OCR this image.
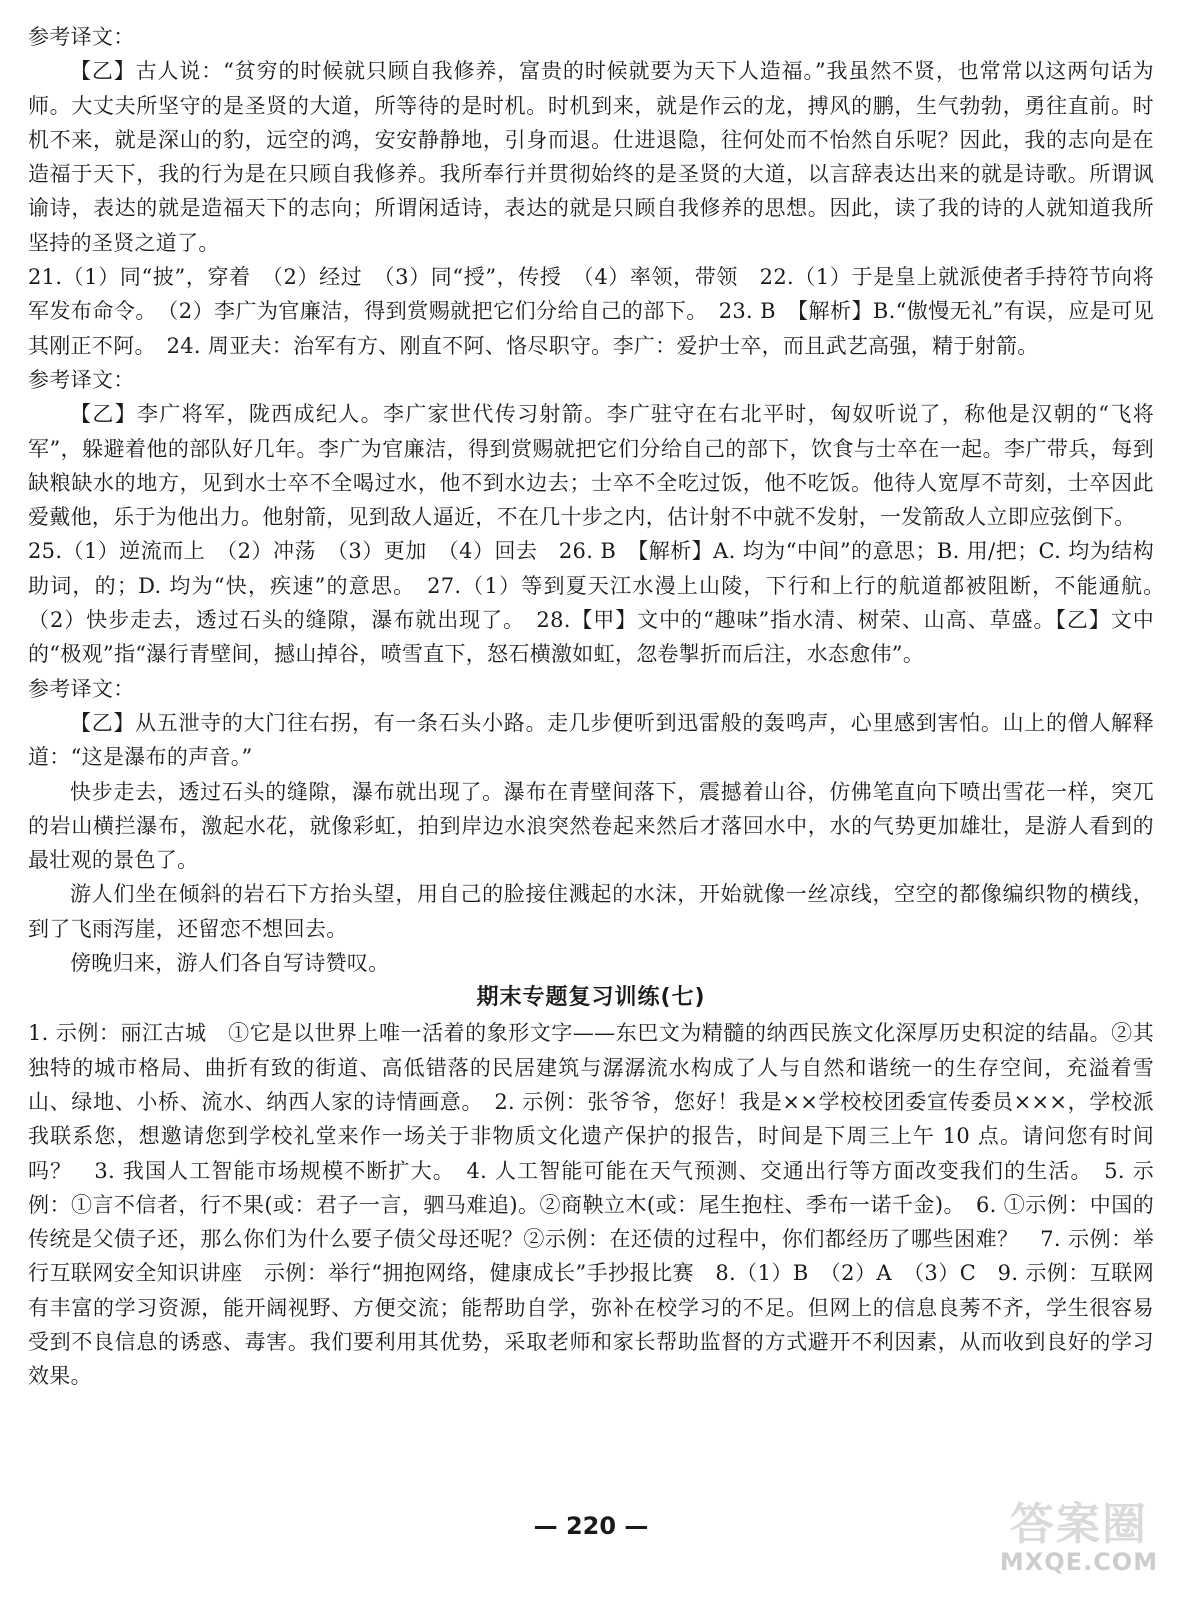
参考译文：
【乙】古人说：“贫穷的时候就只顾自我修养，富贵的时候就要为天下人造福。”我虽然不贤，也常常以这两句话为师。大丈夫所坚守的是圣贤的大道，所等待的是时机。时机到来，就是作云的龙，搏风的鹏，生气勃勃，勇往直前。时机不来，就是深山的豹，远空的鸿，安安静静地，引身而退。仕进退隐，往何处而不怡然自乐呢？因此，我的志向是在造福于天下，我的行为是在只顾自我修养。我所奉行并贯彻始终的是圣贤的大道，以言辞表达出来的就是诗歌。所谓讽谕诗，表达的就是造福天下的志向；所谓闲适诗，表达的就是只顾自我修养的思想。因此，读了我的诗的人就知道我所坚持的圣贤之道了。
21.（1）同“披”，穿着　（2）经过　（3）同“授”，传授　（4）率领，带领　22.（1）于是皇上就派使者手持符节向将军发布命令。　（2）李广为官廉洁，得到赏赐就把它们分给自己的部下。　23. B　【解析】B.“傲慢无礼”有误，应是可见其刚正不阿。　24. 周亚夫：治军有方、刚直不阿、恪尽职守。李广：爱护士卒，而且武艺高强，精于射箭。
参考译文：
【乙】李广将军，陇西成纪人。李广家世代传习射箭。李广驻守在右北平时，匈奴听说了，称他是汉朝的“飞将军”，躲避着他的部队好几年。李广为官廉洁，得到赏赐就把它们分给自己的部下，饮食与士卒在一起。李广带兵，每到缺粮缺水的地方，见到水士卒不全喝过水，他不到水边去；士卒不全吃过饭，他不吃饭。他待人宽厚不苛刻，士卒因此爱戴他，乐于为他出力。他射箭，见到敌人逼近，不在几十步之内，估计射不中就不发射，一发箭敌人立即应弦倒下。
25.（1）逆流而上　（2）冲荡　（3）更加　（4）回去　26. B　【解析】A. 均为“中间”的意思；B. 用/把；C. 均为结构助词，的；D. 均为“快，疾速”的意思。　27.（1）等到夏天江水漫上山陵，下行和上行的航道都被阻断，不能通航。　（2）快步走去，透过石头的缝隙，瀑布就出现了。　28.【甲】文中的“趣味”指水清、树荣、山高、草盛。【乙】文中的“极观”指“瀑行青壁间，撼山掉谷，喷雪直下，怒石横激如虹，忽卷掣折而后注，水态愈伟”。
参考译文：
【乙】从五泄寺的大门往右拐，有一条石头小路。走几步便听到迅雷般的轰鸣声，心里感到害怕。山上的僧人解释道：“这是瀑布的声音。”
快步走去，透过石头的缝隙，瀑布就出现了。瀑布在青壁间落下，震撼着山谷，仿佛笔直向下喷出雪花一样，突兀的岩山横拦瀑布，激起水花，就像彩虹，拍到岸边水浪突然卷起来然后才落回水中，水的气势更加雄壮，是游人看到的最壮观的景色了。
游人们坐在倾斜的岩石下方抬头望，用自己的脸接住溅起的水沫，开始就像一丝凉线，空空的都像编织物的横线，到了飞雨泻崖，还留恋不想回去。
傍晚归来，游人们各自写诗赞叹。
期末专题复习训练(七)
1. 示例：丽江古城　①它是以世界上唯一活着的象形文字——东巴文为精髓的纳西民族文化深厚历史积淀的结晶。②其独特的城市格局、曲折有致的街道、高低错落的民居建筑与潺潺流水构成了人与自然和谐统一的生存空间，充溢着雪山、绿地、小桥、流水、纳西人家的诗情画意。　2. 示例：张爷爷，您好！我是××学校校团委宣传委员×××，学校派我联系您，想邀请您到学校礼堂来作一场关于非物质文化遗产保护的报告，时间是下周三上午 10 点。请问您有时间吗？　3. 我国人工智能市场规模不断扩大。　4. 人工智能可能在天气预测、交通出行等方面改变我们的生活。　5. 示例：①言不信者，行不果(或：君子一言，驷马难追)。②商鞅立木(或：尾生抱柱、季布一诺千金)。　6. ①示例：中国的传统是父债子还，那么你们为什么要子债父母还呢？②示例：在还债的过程中，你们都经历了哪些困难？　7. 示例：举行互联网安全知识讲座　示例：举行“拥抱网络，健康成长”手抄报比赛　8.（1）B　（2）A　（3）C　9. 示例：互联网有丰富的学习资源，能开阔视野、方便交流；能帮助自学，弥补在校学习的不足。但网上的信息良莠不齐，学生很容易受到不良信息的诱惑、毒害。我们要利用其优势，采取老师和家长帮助监督的方式避开不利因素，从而收到良好的学习效果。
— 220 —	答案圈
MXQE.COM
